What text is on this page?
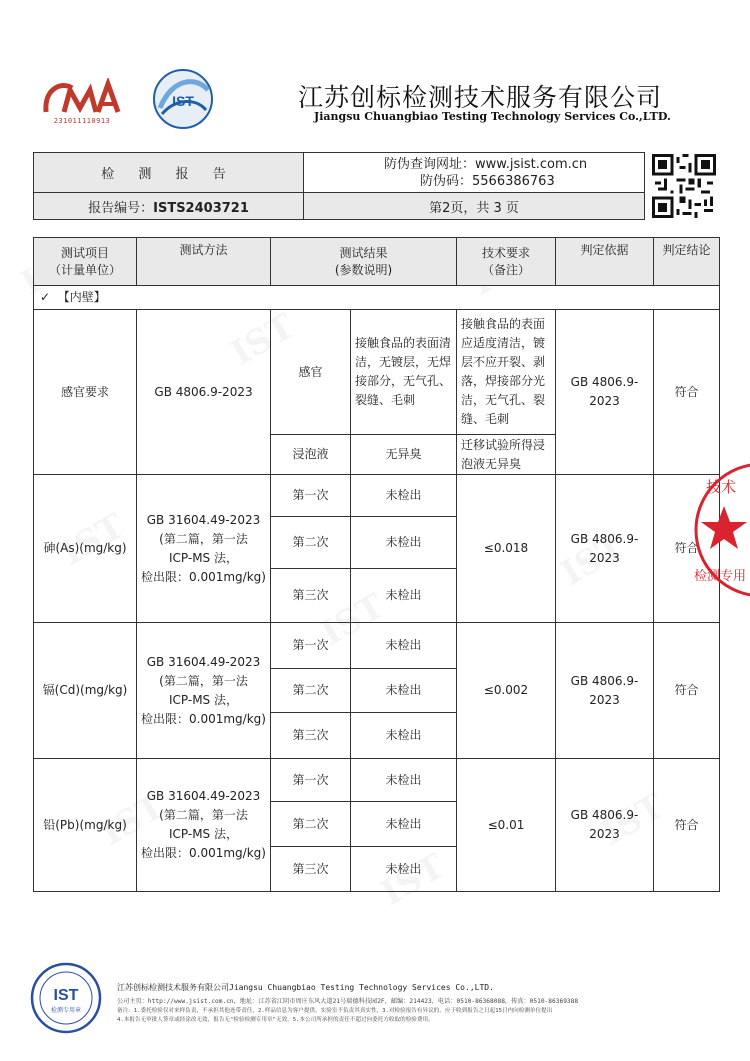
231011110913
IST	江苏创标检测技术服务有限公司
Jiangsu Chuangbiao Testing Technology Services Co.,LTD.
检 测 报 告	防伪查询网址：www.jsist.com.cn
防伪码：5566386763

报告编号：ISTS2403721	第2页，共 3 页
测试项目
（计量单位）	测试方法	测试结果
(参数说明)		技术要求
（备注）	判定依据	判定结论
✓ 【内壁】						
感官要求	GB 4806.9-2023	感官	接触食品的表面清洁，无镀层，无焊接部分，无气孔、裂缝、毛刺	接触食品的表面应适度清洁，镀层不应开裂、剥落，焊接部分光洁，无气孔、裂缝、毛刺	GB 4806.9-2023	符合
		浸泡液	无异臭	迁移试验所得浸泡液无异臭		
砷(As)(mg/kg)	GB 31604.49-2023
(第二篇，第一法
ICP-MS 法，
检出限：0.001mg/kg)	第一次	未检出	≤0.018	GB 4806.9-2023	符合
		第二次	未检出			
		第三次	未检出			
镉(Cd)(mg/kg)	GB 31604.49-2023
(第二篇，第一法
ICP-MS 法，
检出限：0.001mg/kg)	第一次	未检出	≤0.002	GB 4806.9-2023	符合
		第二次	未检出			
		第三次	未检出			
铅(Pb)(mg/kg)	GB 31604.49-2023
(第二篇，第一法
ICP-MS 法，
检出限：0.001mg/kg)	第一次	未检出	≤0.01	GB 4806.9-2023	符合
		第二次	未检出			
		第三次	未检出			
技术
检测专用
IST
检测专用章
江苏创标检测技术服务有限公司Jiangsu Chuangbiao Testing Technology Services Co.,LTD.
公司主页：http://www.jsist.com.cn，地址：江苏省江阴市周庄东风大道21号瑞德科技园2F，邮编：214423，电话：0510-86368088，传真：0510-86369388
备注：1.委托检验仅对来样负责，不承担其他连带责任，2.样品信息为客户提供，实验室不负责其真实性，3.对检验报告有异议的，应于收到报告之日起15日内向检测单位提出
4.本报告无审批人签章或经涂改无效，报告无"检验检测专用章"无效，5.本公司所承担的责任不超过向委托方收取的检验费用。
